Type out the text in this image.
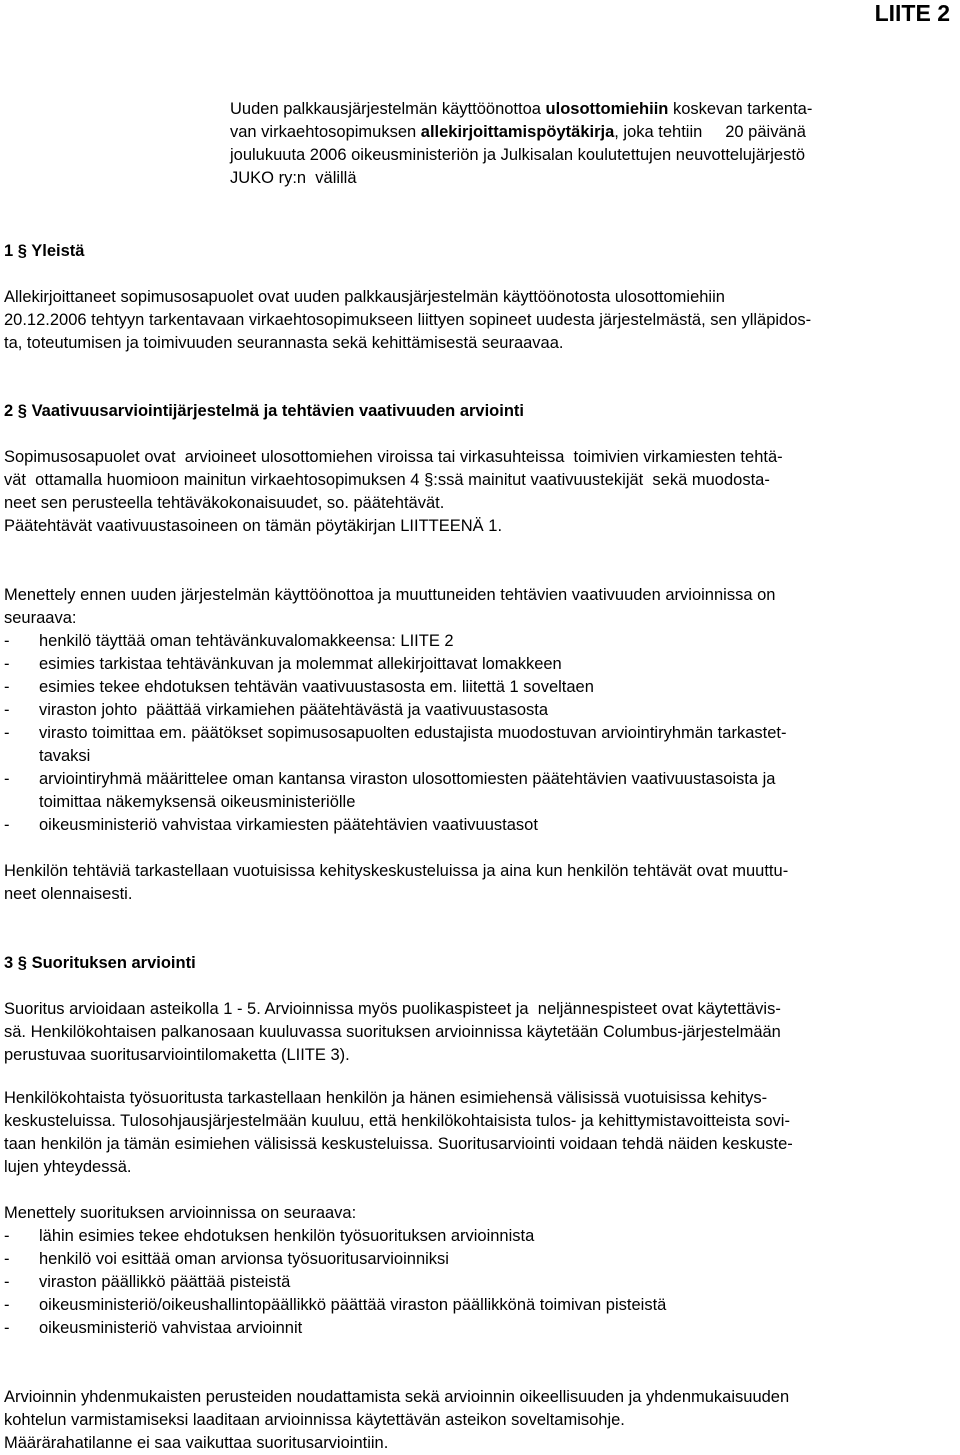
LIITE 2
Uuden palkkausjärjestelmän käyttöönottoa ulosottomiehiin koskevan tarkenta-
van virkaehtosopimuksen allekirjoittamispöytäkirja, joka tehtiin     20 päivänä
joulukuuta 2006 oikeusministeriön ja Julkisalan koulutettujen neuvottelujärjestö
JUKO ry:n  välillä
1 § Yleistä
Allekirjoittaneet sopimusosapuolet ovat uuden palkkausjärjestelmän käyttöönotosta ulosottomiehiin
20.12.2006 tehtyyn tarkentavaan virkaehtosopimukseen liittyen sopineet uudesta järjestelmästä, sen ylläpidos-
ta, toteutumisen ja toimivuuden seurannasta sekä kehittämisestä seuraavaa.
2 § Vaativuusarviointijärjestelmä ja tehtävien vaativuuden arviointi
Sopimusosapuolet ovat  arvioineet ulosottomiehen viroissa tai virkasuhteissa  toimivien virkamiesten tehtä-
vät  ottamalla huomioon mainitun virkaehtosopimuksen 4 §:ssä mainitut vaativuustekijät  sekä muodosta-
neet sen perusteella tehtäväkokonaisuudet, so. päätehtävät.
Päätehtävät vaativuustasoineen on tämän pöytäkirjan LIITTEENÄ 1.
Menettely ennen uuden järjestelmän käyttöönottoa ja muuttuneiden tehtävien vaativuuden arvioinnissa on
seuraava:
- henkilö täyttää oman tehtävänkuvalomakkeensa: LIITE 2
- esimies tarkistaa tehtävänkuvan ja molemmat allekirjoittavat lomakkeen
- esimies tekee ehdotuksen tehtävän vaativuustasosta em. liitettä 1 soveltaen
- viraston johto  päättää virkamiehen päätehtävästä ja vaativuustasosta
- virasto toimittaa em. päätökset sopimusosapuolten edustajista muodostuvan arviointiryhmän tarkastet-
tavaksi
- arviointiryhmä määrittelee oman kantansa viraston ulosottomiesten päätehtävien vaativuustasoista ja
toimittaa näkemyksensä oikeusministeriölle
- oikeusministeriö vahvistaa virkamiesten päätehtävien vaativuustasot
Henkilön tehtäviä tarkastellaan vuotuisissa kehityskeskusteluissa ja aina kun henkilön tehtävät ovat muuttu-
neet olennaisesti.
3 § Suorituksen arviointi
Suoritus arvioidaan asteikolla 1 - 5. Arvioinnissa myös puolikaspisteet ja  neljännespisteet ovat käytettävis-
sä. Henkilökohtaisen palkanosaan kuuluvassa suorituksen arvioinnissa käytetään Columbus-järjestelmään
perustuvaa suoritusarviointilomaketta (LIITE 3).
Henkilökohtaista työsuoritusta tarkastellaan henkilön ja hänen esimiehensä välisissä vuotuisissa kehitys-
keskusteluissa. Tulosohjausjärjestelmään kuuluu, että henkilökohtaisista tulos- ja kehittymistavoitteista sovi-
taan henkilön ja tämän esimiehen välisissä keskusteluissa. Suoritusarviointi voidaan tehdä näiden keskuste-
lujen yhteydessä.
Menettely suorituksen arvioinnissa on seuraava:
- lähin esimies tekee ehdotuksen henkilön työsuorituksen arvioinnista
- henkilö voi esittää oman arvionsa työsuoritusarvioinniksi
- viraston päällikkö päättää pisteistä
- oikeusministeriö/oikeushallintopäällikkö päättää viraston päällikkönä toimivan pisteistä
- oikeusministeriö vahvistaa arvioinnit
Arvioinnin yhdenmukaisten perusteiden noudattamista sekä arvioinnin oikeellisuuden ja yhdenmukaisuuden
kohtelun varmistamiseksi laaditaan arvioinnissa käytettävän asteikon soveltamisohje.
Määrärahatilanne ei saa vaikuttaa suoritusarviointiin.
